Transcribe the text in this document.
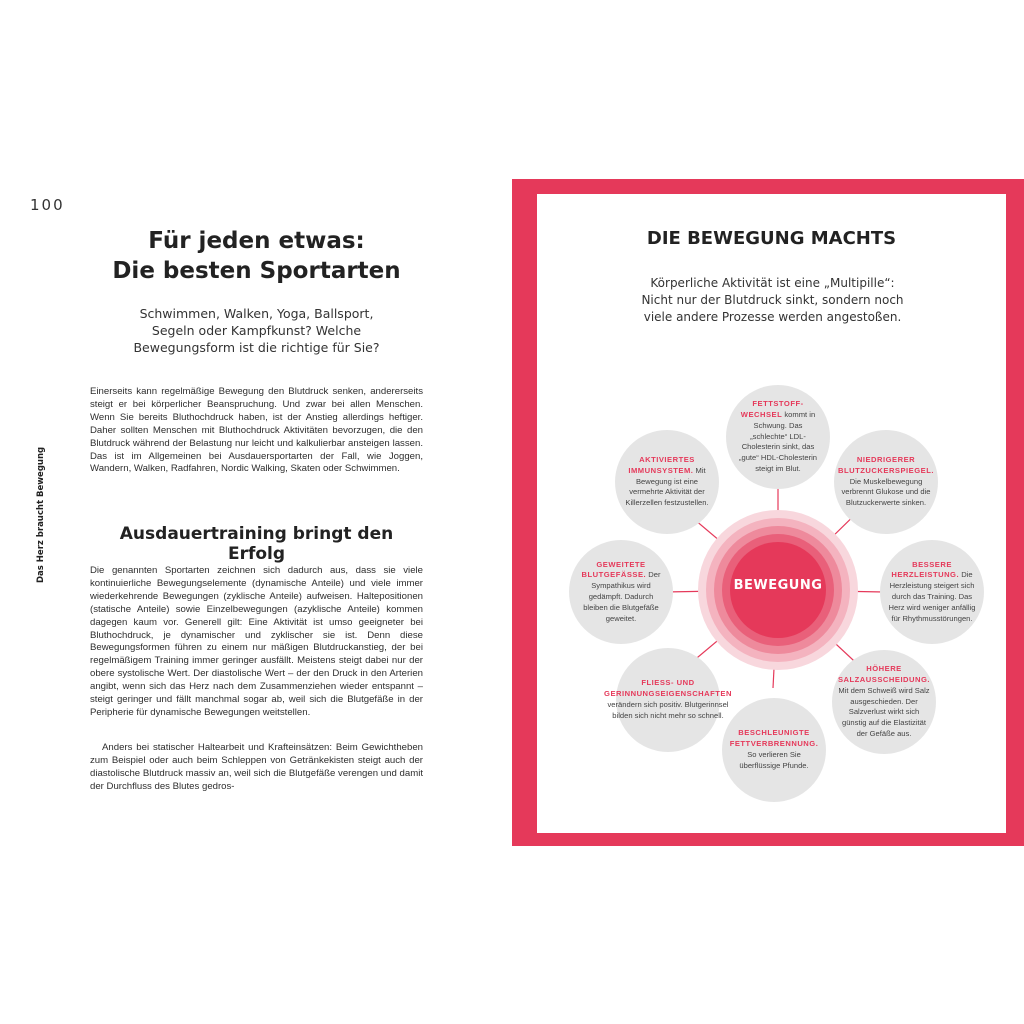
100
Das Herz braucht Bewegung
Für jeden etwas:
Die besten Sportarten
Schwimmen, Walken, Yoga, Ballsport,
Segeln oder Kampfkunst? Welche
Bewegungsform ist die richtige für Sie?
Einerseits kann regelmäßige Bewegung den Blutdruck senken, andererseits steigt er bei körperlicher Beanspruchung. Und zwar bei allen Menschen. Wenn Sie bereits Bluthochdruck haben, ist der Anstieg allerdings heftiger. Daher sollten Menschen mit Bluthochdruck Aktivitäten bevorzugen, die den Blutdruck während der Belastung nur leicht und kalkulierbar ansteigen lassen. Das ist im Allgemeinen bei Ausdauersportarten der Fall, wie Joggen, Wandern, Walken, Radfahren, Nordic Walking, Skaten oder Schwimmen.
Ausdauertraining bringt den Erfolg
Die genannten Sportarten zeichnen sich dadurch aus, dass sie viele kontinuierliche Bewegungselemente (dynamische Anteile) und viele immer wiederkehrende Bewegungen (zyklische Anteile) aufweisen. Haltepositionen (statische Anteile) sowie Einzelbewegungen (azyklische Anteile) kommen dagegen kaum vor. Generell gilt: Eine Aktivität ist umso geeigneter bei Bluthochdruck, je dynamischer und zyklischer sie ist. Denn diese Bewegungsformen führen zu einem nur mäßigen Blutdruckanstieg, der bei regelmäßigem Training immer geringer ausfällt. Meistens steigt dabei nur der obere systolische Wert. Der diastolische Wert – der den Druck in den Arterien angibt, wenn sich das Herz nach dem Zusammenziehen wieder entspannt – steigt geringer und fällt manchmal sogar ab, weil sich die Blutgefäße in der Peripherie für dynamische Bewegungen weitstellen.
Anders bei statischer Haltearbeit und Krafteinsätzen: Beim Gewichtheben zum Beispiel oder auch beim Schleppen von Getränkekisten steigt auch der diastolische Blutdruck massiv an, weil sich die Blutgefäße verengen und damit der Durchfluss des Blutes gedros-
DIE BEWEGUNG MACHTS
Körperliche Aktivität ist eine „Multipille“:
Nicht nur der Blutdruck sinkt, sondern noch
viele andere Prozesse werden angestoßen.
BEWEGUNG

FETTSTOFF-WECHSEL kommt in Schwung. Das „schlechte“ LDL-Cholesterin sinkt, das „gute“ HDL-Cholesterin steigt im Blut.

NIEDRIGERER BLUTZUCKERSPIEGEL. Die Muskelbewegung verbrennt Glukose und die Blutzuckerwerte sinken.

BESSERE HERZLEISTUNG. Die Herzleistung steigert sich durch das Training. Das Herz wird weniger anfällig für Rhythmusstörungen.

HÖHERE SALZAUSSCHEIDUNG. Mit dem Schweiß wird Salz ausgeschieden. Der Salzverlust wirkt sich günstig auf die Elastizität der Gefäße aus.

BESCHLEUNIGTE FETTVERBRENNUNG. So verlieren Sie überflüssige Pfunde.

FLIESS- UND GERINNUNGSEIGENSCHAFTEN verändern sich positiv. Blutgerinnsel bilden sich nicht mehr so schnell.

GEWEITETE BLUTGEFÄSSE. Der Sympathikus wird gedämpft. Dadurch bleiben die Blutgefäße geweitet.

AKTIVIERTES IMMUNSYSTEM. Mit Bewegung ist eine vermehrte Aktivität der Killerzellen festzustellen.
